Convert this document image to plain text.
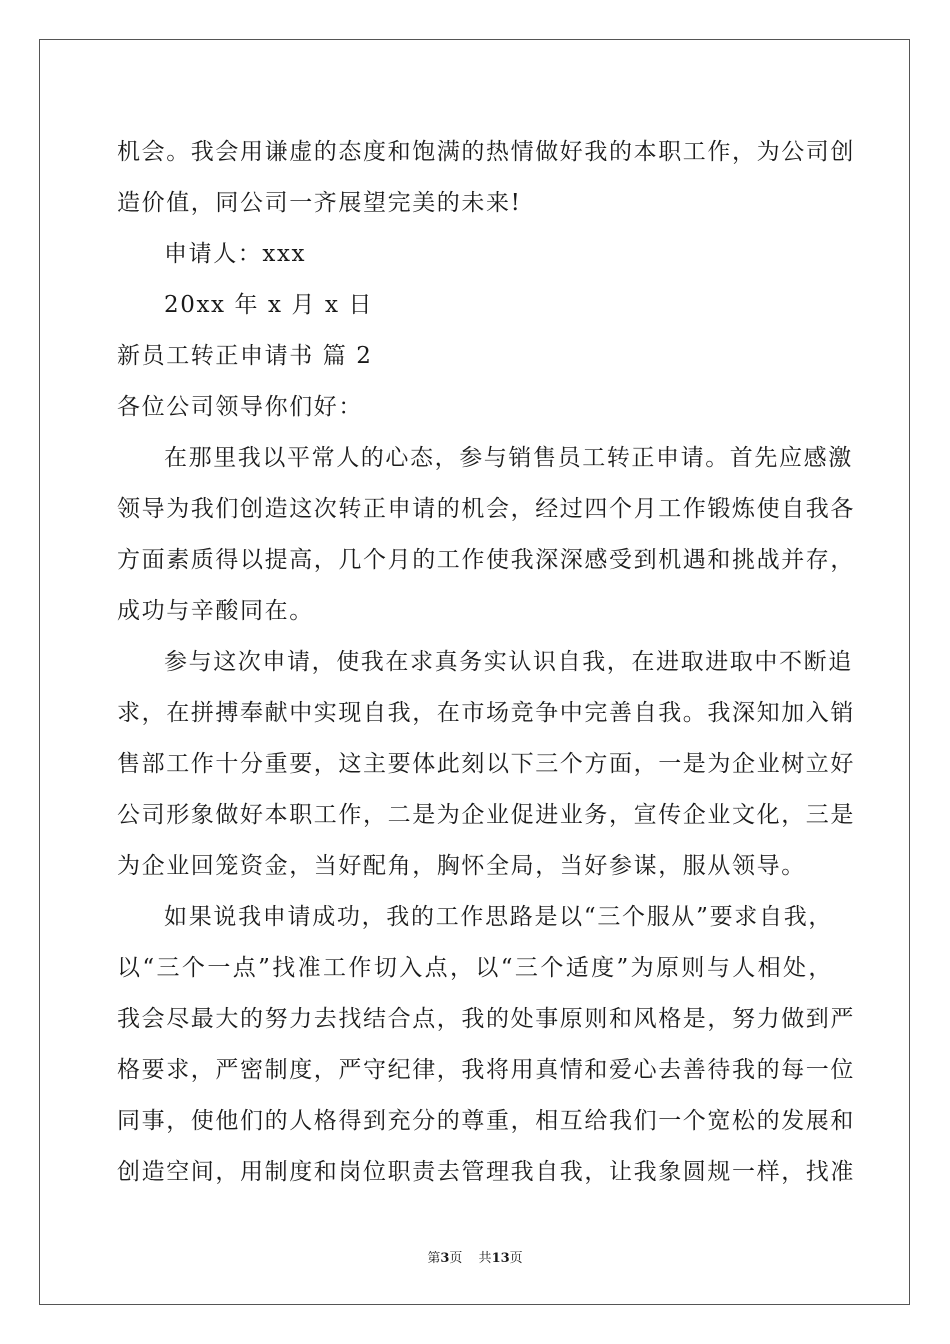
机会。我会用谦虚的态度和饱满的热情做好我的本职工作，为公司创
造价值，同公司一齐展望完美的未来!
申请人：xxx
20xx 年 x 月 x 日
新员工转正申请书 篇 2
各位公司领导你们好：
在那里我以平常人的心态，参与销售员工转正申请。首先应感激
领导为我们创造这次转正申请的机会，经过四个月工作锻炼使自我各
方面素质得以提高，几个月的工作使我深深感受到机遇和挑战并存，
成功与辛酸同在。
参与这次申请，使我在求真务实认识自我，在进取进取中不断追
求，在拼搏奉献中实现自我，在市场竞争中完善自我。我深知加入销
售部工作十分重要，这主要体此刻以下三个方面，一是为企业树立好
公司形象做好本职工作，二是为企业促进业务，宣传企业文化，三是
为企业回笼资金，当好配角，胸怀全局，当好参谋，服从领导。
如果说我申请成功，我的工作思路是以“三个服从”要求自我，
以“三个一点”找准工作切入点，以“三个适度”为原则与人相处，
我会尽最大的努力去找结合点，我的处事原则和风格是，努力做到严
格要求，严密制度，严守纪律，我将用真情和爱心去善待我的每一位
同事，使他们的人格得到充分的尊重，相互给我们一个宽松的发展和
创造空间，用制度和岗位职责去管理我自我，让我象圆规一样，找准
第3页 共13页
